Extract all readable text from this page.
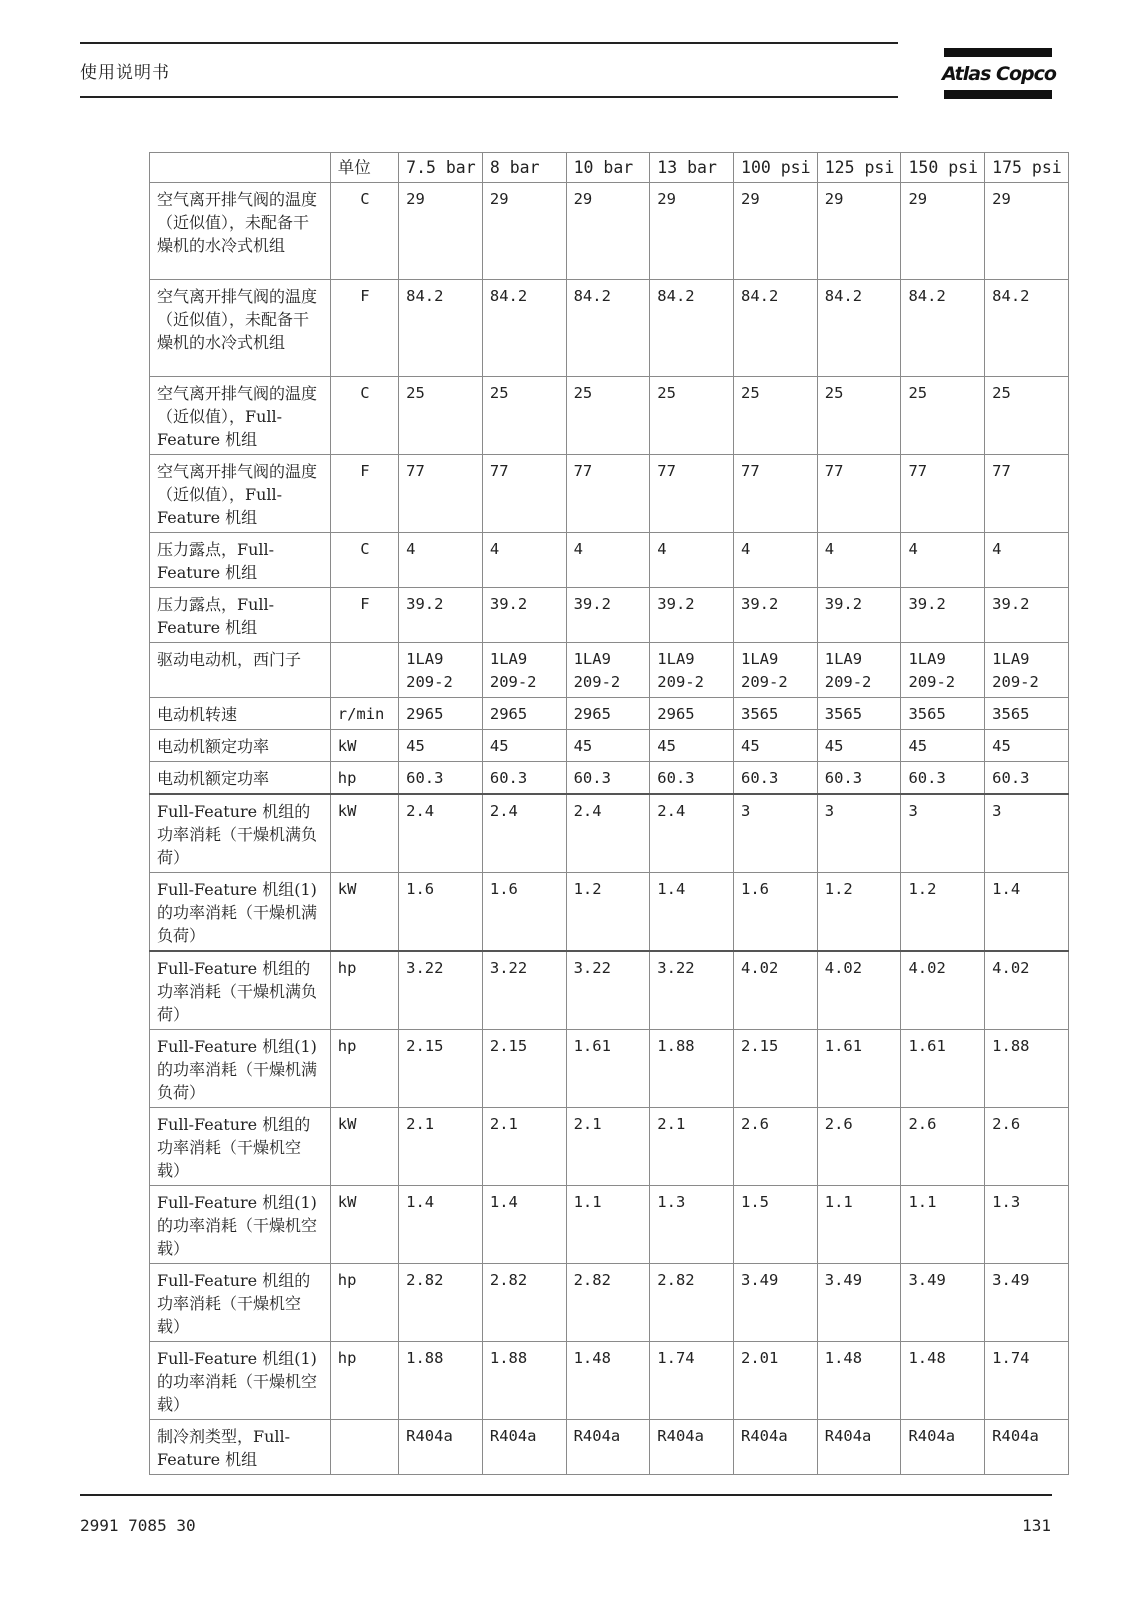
使用说明书	Atlas Copco
	单位	7.5 bar	8 bar	10 bar	13 bar	100 psi	125 psi	150 psi	175 psi
空气离开排气阀的温度（近似值），未配备干燥机的水冷式机组	C	29	29	29	29	29	29	29	29
空气离开排气阀的温度（近似值），未配备干燥机的水冷式机组	F	84.2	84.2	84.2	84.2	84.2	84.2	84.2	84.2
空气离开排气阀的温度（近似值），Full-Feature 机组	C	25	25	25	25	25	25	25	25
空气离开排气阀的温度（近似值），Full-Feature 机组	F	77	77	77	77	77	77	77	77
压力露点，Full-Feature 机组	C	4	4	4	4	4	4	4	4
压力露点，Full-Feature 机组	F	39.2	39.2	39.2	39.2	39.2	39.2	39.2	39.2
驱动电动机，西门子		1LA9 209-2	1LA9 209-2	1LA9 209-2	1LA9 209-2	1LA9 209-2	1LA9 209-2	1LA9 209-2	1LA9 209-2
电动机转速	r/min	2965	2965	2965	2965	3565	3565	3565	3565
电动机额定功率	kW	45	45	45	45	45	45	45	45
电动机额定功率	hp	60.3	60.3	60.3	60.3	60.3	60.3	60.3	60.3
Full-Feature 机组的功率消耗（干燥机满负荷）	kW	2.4	2.4	2.4	2.4	3	3	3	3
Full-Feature 机组(1) 的功率消耗（干燥机满负荷）	kW	1.6	1.6	1.2	1.4	1.6	1.2	1.2	1.4
Full-Feature 机组的功率消耗（干燥机满负荷）	hp	3.22	3.22	3.22	3.22	4.02	4.02	4.02	4.02
Full-Feature 机组(1) 的功率消耗（干燥机满负荷）	hp	2.15	2.15	1.61	1.88	2.15	1.61	1.61	1.88
Full-Feature 机组的功率消耗（干燥机空载）	kW	2.1	2.1	2.1	2.1	2.6	2.6	2.6	2.6
Full-Feature 机组(1) 的功率消耗（干燥机空载）	kW	1.4	1.4	1.1	1.3	1.5	1.1	1.1	1.3
Full-Feature 机组的功率消耗（干燥机空载）	hp	2.82	2.82	2.82	2.82	3.49	3.49	3.49	3.49
Full-Feature 机组(1) 的功率消耗（干燥机空载）	hp	1.88	1.88	1.48	1.74	2.01	1.48	1.48	1.74
制冷剂类型，Full-Feature 机组		R404a	R404a	R404a	R404a	R404a	R404a	R404a	R404a
2991 7085 30	131
